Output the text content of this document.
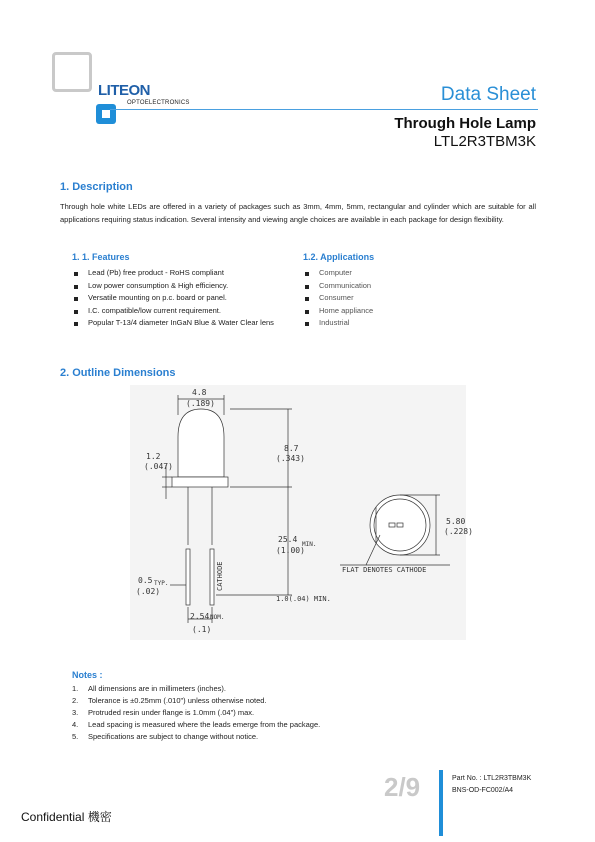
LITEON
OPTOELECTRONICS	Data Sheet
Through Hole Lamp
LTL2R3TBM3K
1. Description
Through hole white LEDs are offered in a variety of packages such as 3mm, 4mm, 5mm, rectangular and cylinder which are suitable for all applications requiring status indication. Several intensity and viewing angle choices are available in each package for design flexibility.
1. 1. Features
Lead (Pb) free product - RoHS compliant
Low power consumption & High efficiency.
Versatile mounting on p.c. board or panel.
I.C. compatible/low current requirement.
Popular T-13/4 diameter InGaN Blue & Water Clear lens
1.2. Applications
Computer
Communication
Consumer
Home appliance
Industrial
2. Outline Dimensions
4.8
(.189)
1.2
(.047)
8.7
(.343)
25.4
MIN.
(1.00)
0.5 TYP.
(.02)
1.0(.04) MIN.
2.54 NOM.
(.1)
5.80
(.228)
FLAT DENOTES CATHODE
CATHODE
Notes :
1. All dimensions are in millimeters (inches).
2. Tolerance is ±0.25mm (.010") unless otherwise noted.
3. Protruded resin under flange is 1.0mm (.04") max.
4. Lead spacing is measured where the leads emerge from the package.
5. Specifications are subject to change without notice.
2/9	Part No. : LTL2R3TBM3K
BNS-OD-FC002/A4
Confidential 機密
